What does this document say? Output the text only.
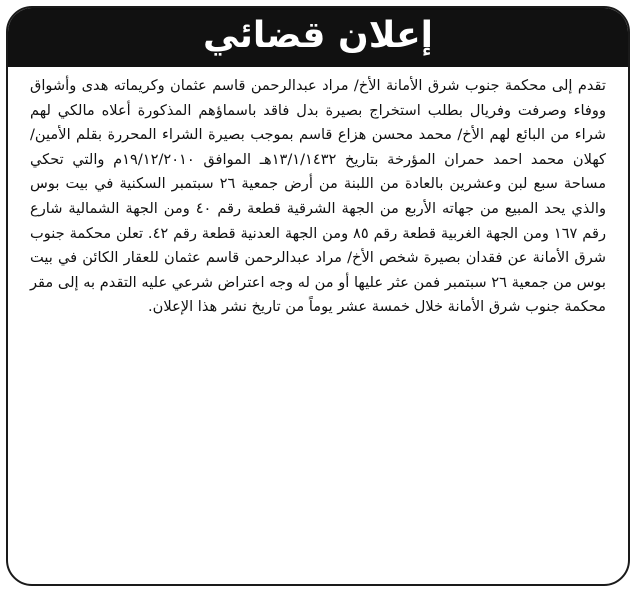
إعلان قضائي

تقدم إلى محكمة جنوب شرق الأمانة الأخ/ مراد عبدالرحمن قاسم عثمان وكريماته هدى وأشواق ووفاء وصرفت وفريال بطلب استخراج بصيرة بدل فاقد باسماؤهم المذكورة أعلاه مالكي لهم شراء من البائع لهم الأخ/ محمد محسن هزاع قاسم بموجب بصيرة الشراء المحررة بقلم الأمين/ كهلان محمد احمد حمران المؤرخة بتاريخ ١٣/١/١٤٣٢هـ الموافق ١٩/١٢/٢٠١٠م والتي تحكي مساحة سبع لبن وعشرين بالعادة من اللبنة من أرض جمعية ٢٦ سبتمبر السكنية في بيت بوس والذي يحد المبيع من جهاته الأربع من الجهة الشرقية قطعة رقم ٤٠ ومن الجهة الشمالية شارع رقم ١٦٧ ومن الجهة الغربية قطعة رقم ٨٥ ومن الجهة العدنية قطعة رقم ٤٢. تعلن محكمة جنوب شرق الأمانة عن فقدان بصيرة شخص الأخ/ مراد عبدالرحمن قاسم عثمان للعقار الكائن في بيت بوس من جمعية ٢٦ سبتمبر فمن عثر عليها أو من له وجه اعتراض شرعي عليه التقدم به إلى مقر محكمة جنوب شرق الأمانة خلال خمسة عشر يوماً من تاريخ نشر هذا الإعلان.
